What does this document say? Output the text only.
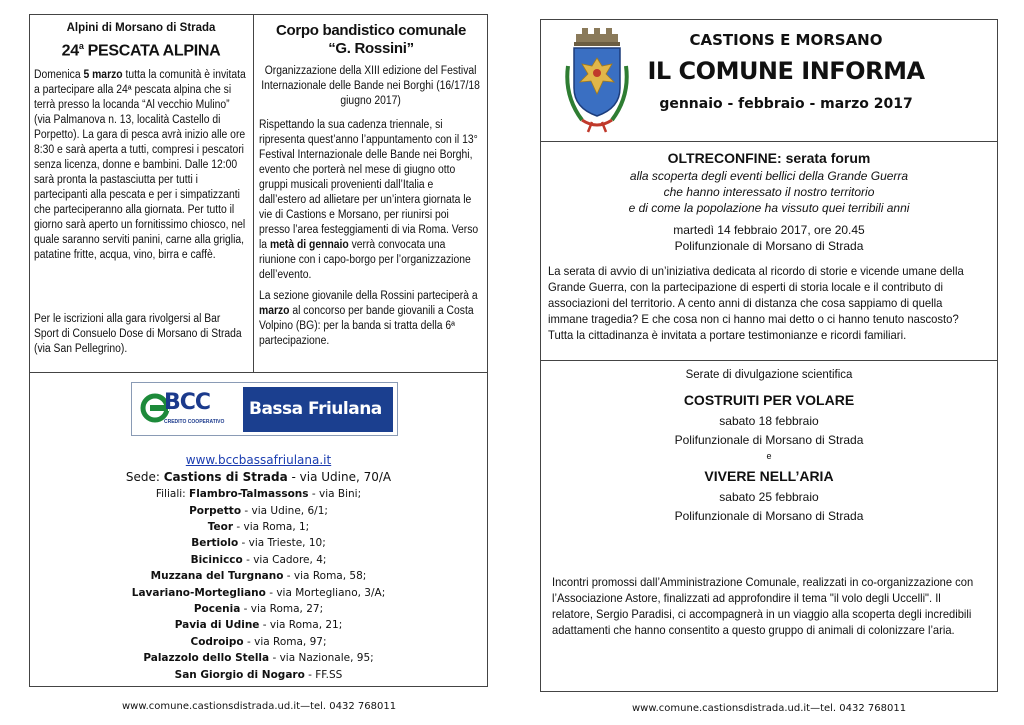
Alpini di Morsano di Strada
24$^a$ PESCATA ALPINA
Domenica 5 marzo tutta la comunità è invitata a partecipare alla 24ª pescata alpina che si terrà presso la locanda “Al vecchio Mulino” (via Palmanova n. 13, località Castello di Porpetto). La gara di pesca avrà inizio alle ore 8:30 e sarà aperta a tutti, compresi i pescatori senza licenza, donne e bambini. Dalle 12:00 sarà pronta la pastasciutta per tutti i partecipanti alla pescata e per i simpatizzanti che parteciperanno alla giornata. Per tutto il giorno sarà aperto un fornitissimo chiosco, nel quale saranno serviti panini, carne alla griglia, patatine fritte, acqua, vino, birra e caffè.
Per le iscrizioni alla gara rivolgersi al Bar Sport di Consuelo Dose di Morsano di Strada (via San Pellegrino).
Corpo bandistico comunale
“G. Rossini”
Organizzazione della XIII edizione del Festival Internazionale delle Bande nei Borghi (16/17/18 giugno 2017)
Rispettando la sua cadenza triennale, si ripresenta quest’anno l’appuntamento con il 13° Festival Internazionale delle Bande nei Borghi, evento che porterà nel mese di giugno otto gruppi musicali provenienti dall’Italia e dall’estero ad allietare per un’intera giornata le vie di Castions e Morsano, per riunirsi poi presso l’area festeggiamenti di via Roma. Verso la metà di gennaio verrà convocata una riunione con i capo-borgo per l’organizzazione dell’evento.
La sezione giovanile della Rossini parteciperà a marzo al concorso per bande giovanili a Costa Volpino (BG): per la banda si tratta della 6ª partecipazione.
BCC
CREDITO COOPERATIVO
Bassa Friulana
www.bccbassafriulana.it
Sede: Castions di Strada - via Udine, 70/A
Filiali: Flambro-Talmassons - via Bini;
Porpetto - via Udine, 6/1;
Teor - via Roma, 1;
Bertiolo - via Trieste, 10;
Bicinicco - via Cadore, 4;
Muzzana del Turgnano - via Roma, 58;
Lavariano-Mortegliano - via Mortegliano, 3/A;
Pocenia - via Roma, 27;
Pavia di Udine - via Roma, 21;
Codroipo - via Roma, 97;
Palazzolo dello Stella - via Nazionale, 95;
San Giorgio di Nogaro - FF.SS
www.comune.castionsdistrada.ud.it—tel. 0432 768011
CASTIONS E MORSANO
IL COMUNE INFORMA
gennaio - febbraio - marzo 2017
OLTRECONFINE: serata forum
alla scoperta degli eventi bellici della Grande Guerra
che hanno interessato il nostro territorio
e di come la popolazione ha vissuto quei terribili anni
martedì 14 febbraio 2017, ore 20.45
Polifunzionale di Morsano di Strada
La serata di avvio di un’iniziativa dedicata al ricordo di storie e vicende umane della Grande Guerra, con la partecipazione di esperti di storia locale e il contributo di associazioni del territorio. A cento anni di distanza che cosa sappiamo di quella immane tragedia? E che cosa non ci hanno mai detto o ci hanno tenuto nascosto? Tutta la cittadinanza è invitata a portare testimonianze e ricordi familiari.
Serate di divulgazione scientifica
COSTRUITI PER VOLARE
sabato 18 febbraio
Polifunzionale di Morsano di Strada
e
VIVERE NELL’ARIA
sabato 25 febbraio
Polifunzionale di Morsano di Strada
Incontri promossi dall’Amministrazione Comunale, realizzati in co-organizzazione con l’Associazione Astore, finalizzati ad approfondire il tema "il volo degli Uccelli". Il relatore, Sergio Paradisi, ci accompagnerà in un viaggio alla scoperta degli incredibili adattamenti che hanno consentito a questo gruppo di animali di colonizzare l’aria.
www.comune.castionsdistrada.ud.it—tel. 0432 768011
